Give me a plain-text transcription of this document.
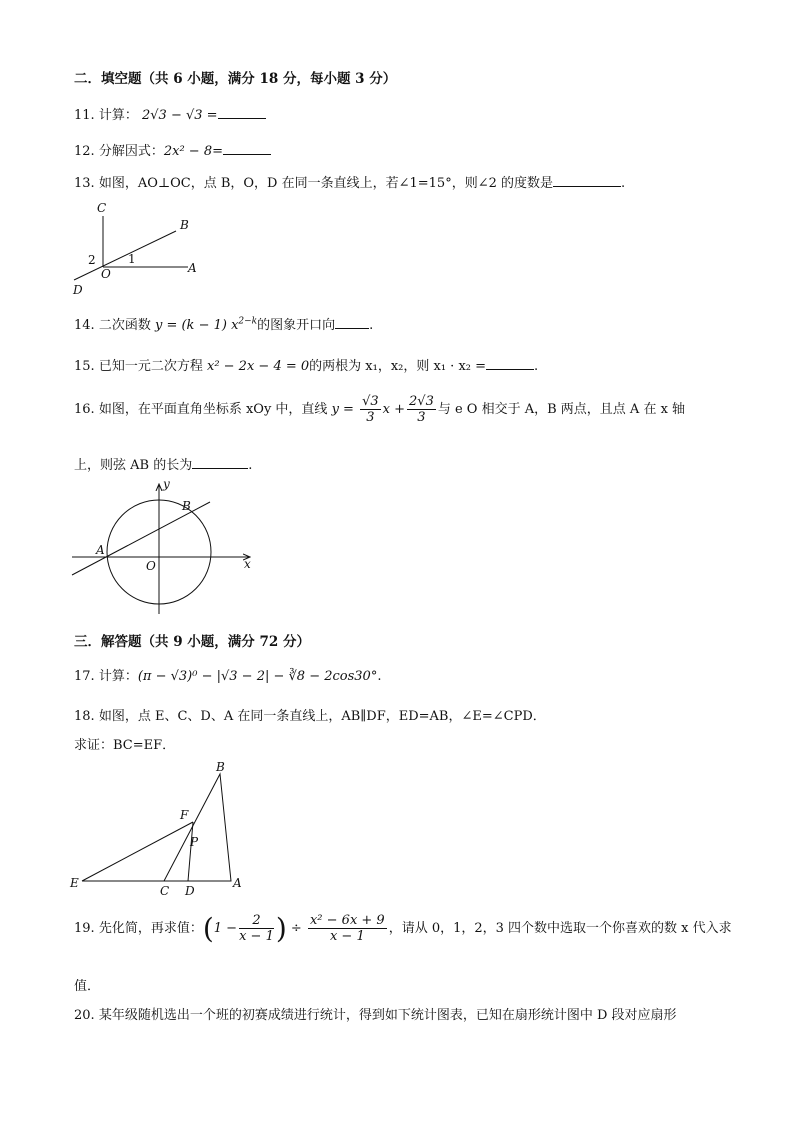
二．填空题（共 6 小题，满分 18 分，每小题 3 分）
11. 计算： 2√3 − √3 =
12. 分解因式：2x² − 8=
13. 如图，AO⊥OC，点 B，O，D 在同一条直线上，若∠1=15°，则∠2 的度数是	.
C
B
A
O
D
1
2
14. 二次函数 y = (k − 1) $x^{2-k}$的图象开口向	.
15. 已知一元二次方程 x² − 2x − 4 = 0的两根为 x₁，x₂，则 x₁ · x₂ =	.
16. 如图，在平面直角坐标系 xOy 中，直线 $y = \frac{√3}{3}$ $x + \frac{2√3}{3}$ 与 e O 相交于 A，B 两点，且点 A 在 x 轴
上，则弦 AB 的长为	.
y
x
O
A
B
三．解答题（共 9 小题，满分 72 分）
17. 计算：(π − √3)⁰ − |√3 − 2| − ∛8 − 2cos30°.
18. 如图，点 E、C、D、A 在同一条直线上，AB∥DF，ED=AB，∠E=∠CPD．
求证：BC=EF．
B
F
P
E
C D
A
19. 先化简，再求值：($1 - \frac{2}{x - 1}$ ) ÷ $\frac{\text{x² − 6x + 9}}{x - 1}$ ，请从 0，1，2，3 四个数中选取一个你喜欢的数 x 代入求
值．
20. 某年级随机选出一个班的初赛成绩进行统计，得到如下统计图表，已知在扇形统计图中 D 段对应扇形
